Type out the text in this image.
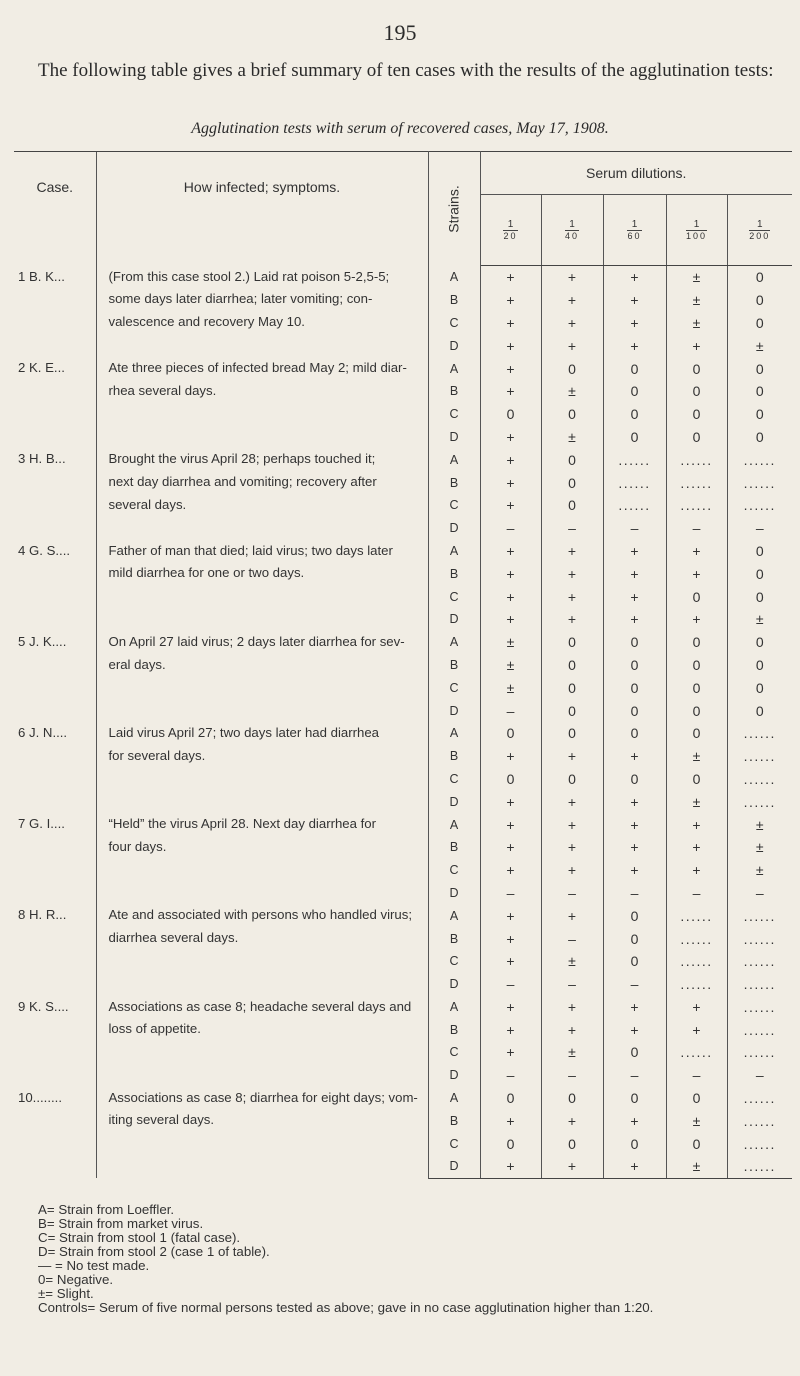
195
The following table gives a brief summary of ten cases with the results of the agglutination tests:
Agglutination tests with serum of recovered cases, May 17, 1908.
Case.	How infected; symptoms.	Strains.	Serum dilutions.				

			$\frac{1}{20}$	$\frac{1}{40}$	$\frac{1}{60}$	$\frac{1}{100}$	$\frac{1}{200}$

1 B. K...	(From this case stool 2.) Laid rat poison 5-2,5-5;
some days later diarrhea; later vomiting; con-
valescence and recovery May 10.	A	+	+	+	±	0
		B	+	+	+	±	0
		C	+	+	+	±	0
		D	+	+	+	+	±
2 K. E...	Ate three pieces of infected bread May 2; mild diar-
rhea several days.	A	+	0	0	0	0
		B	+	±	0	0	0
		C	0	0	0	0	0
		D	+	±	0	0	0
3 H. B...	Brought the virus April 28; perhaps touched it;
next day diarrhea and vomiting; recovery after
several days.	A	+	0	......	......	......
		B	+	0	......	......	......
		C	+	0	......	......	......
		D	–	–	–	–	–
4 G. S....	Father of man that died; laid virus; two days later
mild diarrhea for one or two days.	A	+	+	+	+	0
		B	+	+	+	+	0
		C	+	+	+	0	0
		D	+	+	+	+	±
5 J. K....	On April 27 laid virus; 2 days later diarrhea for sev-
eral days.	A	±	0	0	0	0
		B	±	0	0	0	0
		C	±	0	0	0	0
		D	–	0	0	0	0
6 J. N....	Laid virus April 27; two days later had diarrhea
for several days.	A	0	0	0	0	......
		B	+	+	+	±	......
		C	0	0	0	0	......
		D	+	+	+	±	......
7 G. I....	“Held” the virus April 28. Next day diarrhea for
four days.	A	+	+	+	+	±
		B	+	+	+	+	±
		C	+	+	+	+	±
		D	–	–	–	–	–
8 H. R...	Ate and associated with persons who handled virus;
diarrhea several days.	A	+	+	0	......	......
		B	+	–	0	......	......
		C	+	±	0	......	......
		D	–	–	–	......	......
9 K. S....	Associations as case 8; headache several days and
loss of appetite.	A	+	+	+	+	......
		B	+	+	+	+	......
		C	+	±	0	......	......
		D	–	–	–	–	–
10........	Associations as case 8; diarrhea for eight days; vom-
iting several days.	A	0	0	0	0	......
		B	+	+	+	±	......
		C	0	0	0	0	......
		D	+	+	+	±	......
A= Strain from Loeffler.
B= Strain from market virus.
C= Strain from stool 1 (fatal case).
D= Strain from stool 2 (case 1 of table).
— = No test made.
0= Negative.
±= Slight.
Controls= Serum of five normal persons tested as above; gave in no case agglutination higher than 1:20.
